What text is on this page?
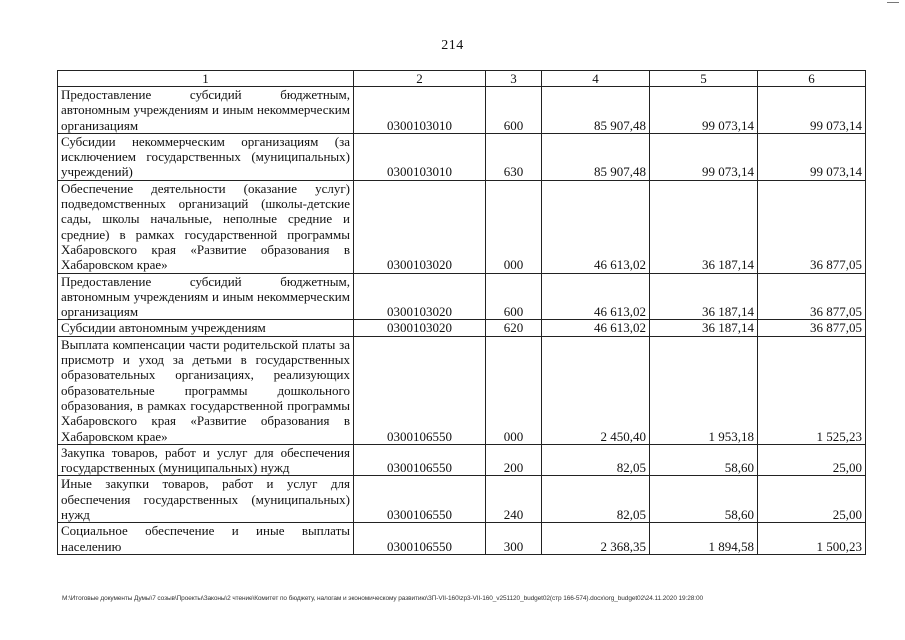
214
1	2	3	4	5	6
Предоставление субсидий бюджетным, автономным учреждениям и иным некоммерческим организациям	0300103010	600	85 907,48	99 073,14	99 073,14
Субсидии некоммерческим организациям (за исключением государственных (муниципальных) учреждений)	0300103010	630	85 907,48	99 073,14	99 073,14
Обеспечение деятельности (оказание услуг) подведомственных организаций (школы-детские сады, школы начальные, неполные средние и средние) в рамках государственной программы Хабаровского края «Развитие образования в Хабаровском крае»	0300103020	000	46 613,02	36 187,14	36 877,05
Предоставление субсидий бюджетным, автономным учреждениям и иным некоммерческим организациям	0300103020	600	46 613,02	36 187,14	36 877,05
Субсидии автономным учреждениям	0300103020	620	46 613,02	36 187,14	36 877,05
Выплата компенсации части родительской платы за присмотр и уход за детьми в государственных образовательных организациях, реализующих образовательные программы дошкольного образования, в рамках государственной программы Хабаровского края «Развитие образования в Хабаровском крае»	0300106550	000	2 450,40	1 953,18	1 525,23
Закупка товаров, работ и услуг для обеспечения государственных (муниципальных) нужд	0300106550	200	82,05	58,60	25,00
Иные закупки товаров, работ и услуг для обеспечения государственных (муниципальных) нужд	0300106550	240	82,05	58,60	25,00
Социальное обеспечение и иные выплаты населению	0300106550	300	2 368,35	1 894,58	1 500,23
M:\Итоговые документы Думы\7 созыв\Проекты\Законы\2 чтение\Комитет по бюджету, налогам и экономическому развитию\ЗП-VII-160\zp3-VII-160_v251120_budget02(стр 166-574).docx\org_budget02\24.11.2020 19:28:00
